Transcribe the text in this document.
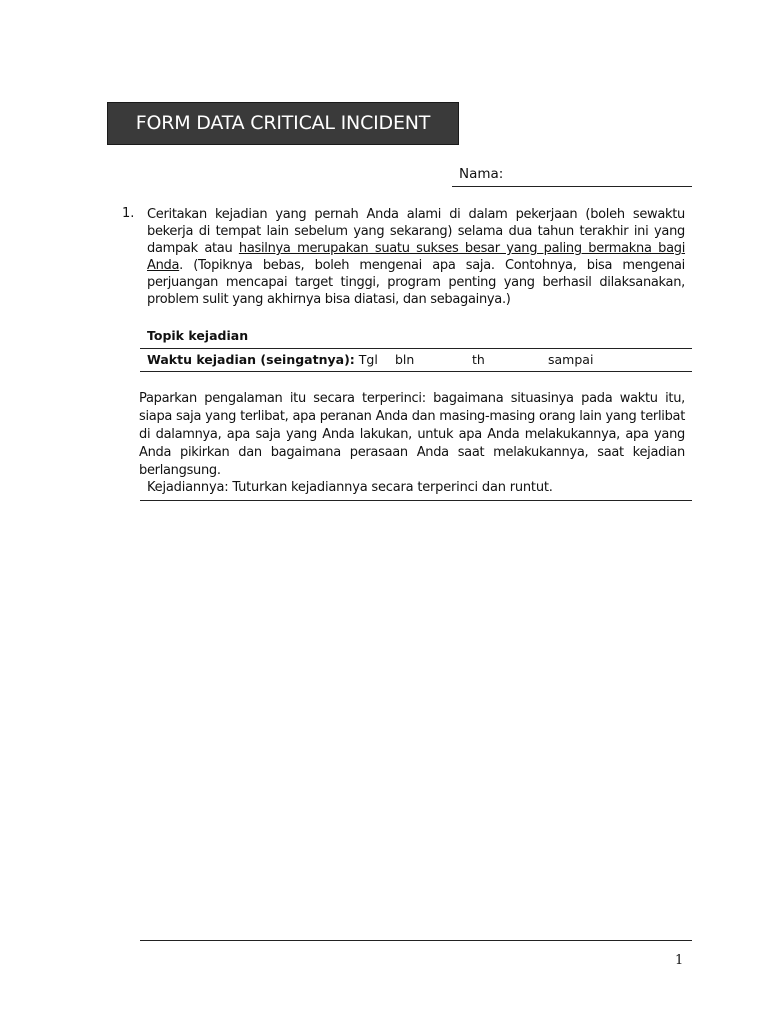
FORM DATA CRITICAL INCIDENT
Nama:
1. Ceritakan kejadian yang pernah Anda alami di dalam pekerjaan (boleh sewaktu bekerja di tempat lain sebelum yang sekarang) selama dua tahun terakhir ini yang dampak atau hasilnya merupakan suatu sukses besar yang paling bermakna bagi Anda. (Topiknya bebas, boleh mengenai apa saja. Contohnya, bisa mengenai perjuangan mencapai target tinggi, program penting yang berhasil dilaksanakan, problem sulit yang akhirnya bisa diatasi, dan sebagainya.)
Topik kejadian
Waktu kejadian (seingatnya): Tgl bln	th	sampai
Paparkan pengalaman itu secara terperinci: bagaimana situasinya pada waktu itu, siapa saja yang terlibat, apa peranan Anda dan masing-masing orang lain yang terlibat di dalamnya, apa saja yang Anda lakukan, untuk apa Anda melakukannya, apa yang Anda pikirkan dan bagaimana perasaan Anda saat melakukannya, saat kejadian berlangsung.
Kejadiannya: Tuturkan kejadiannya secara terperinci dan runtut.
1
